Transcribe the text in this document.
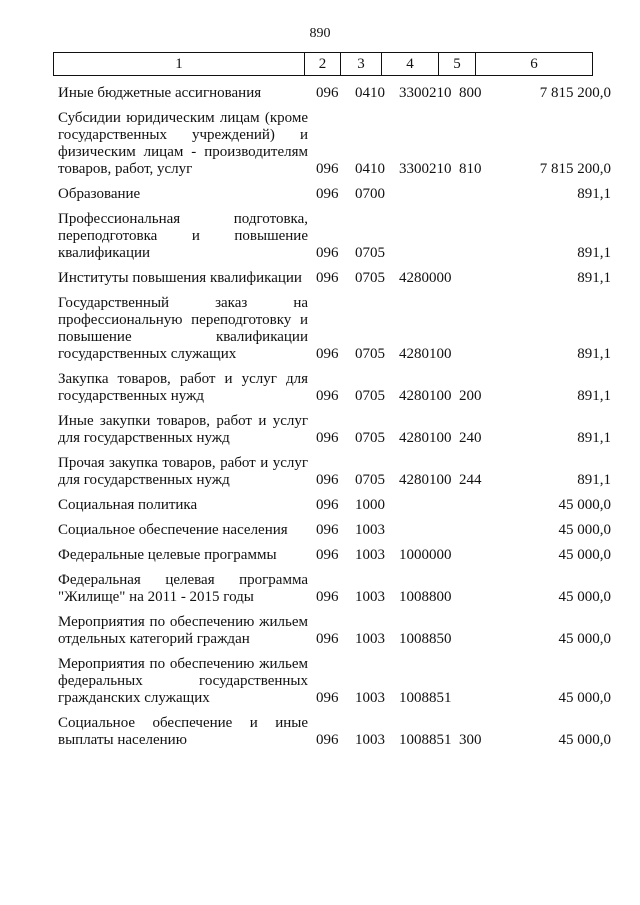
890
1	2	3	4	5	6
Иные бюджетные ассигнования	096	0410	3300210	800	7 815 200,0
Субсидии юридическим лицам (кроме государственных учреждений) и физическим лицам - производителям товаров, работ, услуг	096	0410	3300210	810	7 815 200,0
Образование	096	0700			891,1
Профессиональная подготовка, переподготовка и повышение квалификации	096	0705			891,1
Институты повышения квалификации	096	0705	4280000		891,1
Государственный заказ на профессиональную переподготовку и повышение квалификации государственных служащих	096	0705	4280100		891,1
Закупка товаров, работ и услуг для государственных нужд	096	0705	4280100	200	891,1
Иные закупки товаров, работ и услуг для государственных нужд	096	0705	4280100	240	891,1
Прочая закупка товаров, работ и услуг для государственных нужд	096	0705	4280100	244	891,1
Социальная политика	096	1000			45 000,0
Социальное обеспечение населения	096	1003			45 000,0
Федеральные целевые программы	096	1003	1000000		45 000,0
Федеральная целевая программа "Жилище" на 2011 - 2015 годы	096	1003	1008800		45 000,0
Мероприятия по обеспечению жильем отдельных категорий граждан	096	1003	1008850		45 000,0
Мероприятия по обеспечению жильем федеральных государственных гражданских служащих	096	1003	1008851		45 000,0
Социальное обеспечение и иные выплаты населению	096	1003	1008851	300	45 000,0
